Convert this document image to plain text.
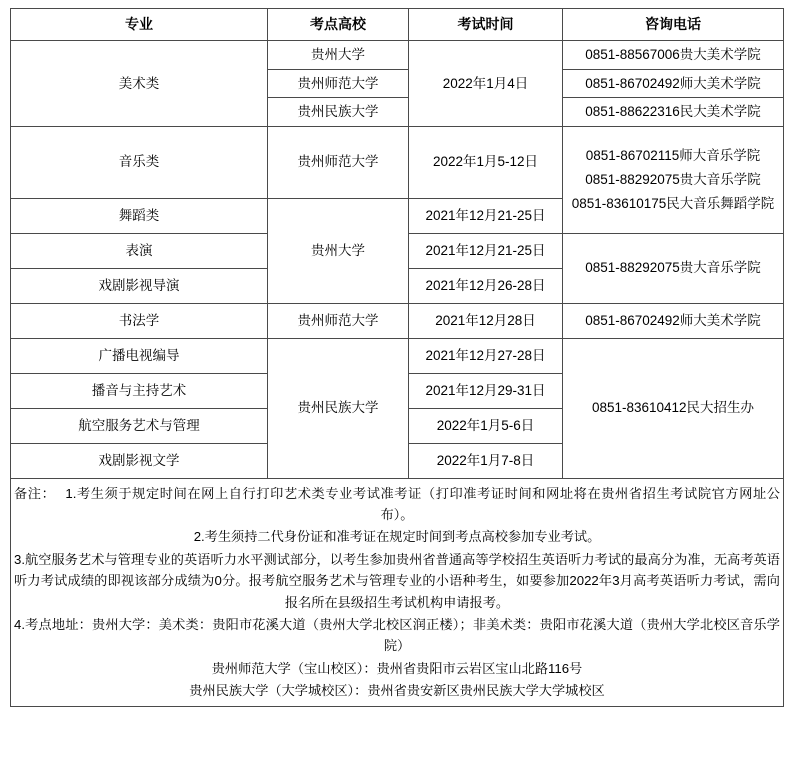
专业	考点高校	考试时间	咨询电话
美术类	贵州大学	2022年1月4日	0851-88567006贵大美术学院
	贵州师范大学		0851-86702492师大美术学院
	贵州民族大学		0851-88622316民大美术学院
音乐类	贵州师范大学	2022年1月5-12日	0851-86702115师大音乐学院
0851-88292075贵大音乐学院
0851-83610175民大音乐舞蹈学院

舞蹈类	贵州大学	2021年12月21-25日	
表演		2021年12月21-25日	0851-88292075贵大音乐学院
戏剧影视导演		2021年12月26-28日	
书法学	贵州师范大学	2021年12月28日	0851-86702492师大美术学院
广播电视编导	贵州民族大学	2021年12月27-28日	0851-83610412民大招生办
播音与主持艺术		2021年12月29-31日	
航空服务艺术与管理		2022年1月5-6日	
戏剧影视文学		2022年1月7-8日	

备注： 1.考生须于规定时间在网上自行打印艺术类专业考试准考证（打印准考证时间和网址将在贵州省招生考试院官方网址公布）。

2.考生须持二代身份证和准考证在规定时间到考点高校参加专业考试。

3.航空服务艺术与管理专业的英语听力水平测试部分，以考生参加贵州省普通高等学校招生英语听力考试的最高分为准，无高考英语听力考试成绩的即视该部分成绩为0分。报考航空服务艺术与管理专业的小语种考生，如要参加2022年3月高考英语听力考试，需向报名所在县级招生考试机构申请报考。

4.考点地址：贵州大学：美术类：贵阳市花溪大道（贵州大学北校区润正楼）；非美术类：贵阳市花溪大道（贵州大学北校区音乐学院）

贵州师范大学（宝山校区）：贵州省贵阳市云岩区宝山北路116号

贵州民族大学（大学城校区）：贵州省贵安新区贵州民族大学大学城校区
